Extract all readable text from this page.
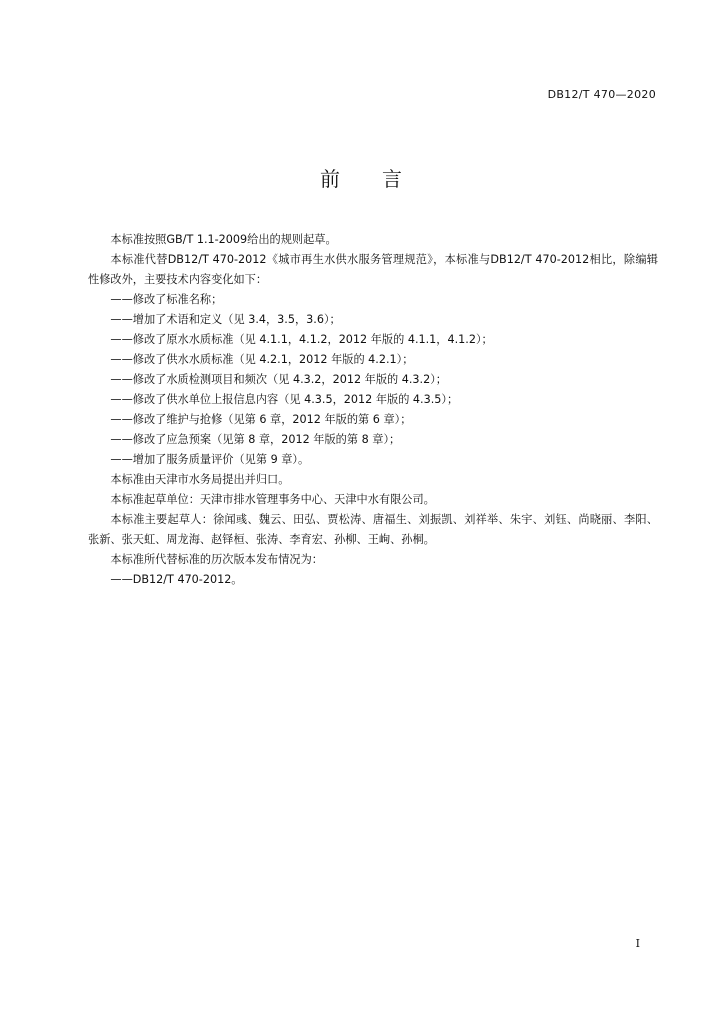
DB12/T 470—2020
前 言

本标准按照GB/T 1.1-2009给出的规则起草。

本标准代替DB12/T 470-2012《城市再生水供水服务管理规范》，本标准与DB12/T 470-2012相比，除编辑性修改外，主要技术内容变化如下：

——修改了标准名称；

——增加了术语和定义（见 3.4，3.5，3.6）；

——修改了原水水质标准（见 4.1.1，4.1.2，2012 年版的 4.1.1，4.1.2）；

——修改了供水水质标准（见 4.2.1，2012 年版的 4.2.1）；

——修改了水质检测项目和频次（见 4.3.2，2012 年版的 4.3.2）；

——修改了供水单位上报信息内容（见 4.3.5，2012 年版的 4.3.5）；

——修改了维护与抢修（见第 6 章，2012 年版的第 6 章）；

——修改了应急预案（见第 8 章，2012 年版的第 8 章）；

——增加了服务质量评价（见第 9 章）。

本标准由天津市水务局提出并归口。

本标准起草单位：天津市排水管理事务中心、天津中水有限公司。

本标准主要起草人：徐闻彧、魏云、田弘、贾松涛、唐福生、刘振凯、刘祥举、朱宇、刘钰、尚晓丽、李阳、张新、张天虹、周龙海、赵铎桓、张涛、李育宏、孙柳、王峋、孙桐。

本标准所代替标准的历次版本发布情况为：

——DB12/T 470-2012。

I
